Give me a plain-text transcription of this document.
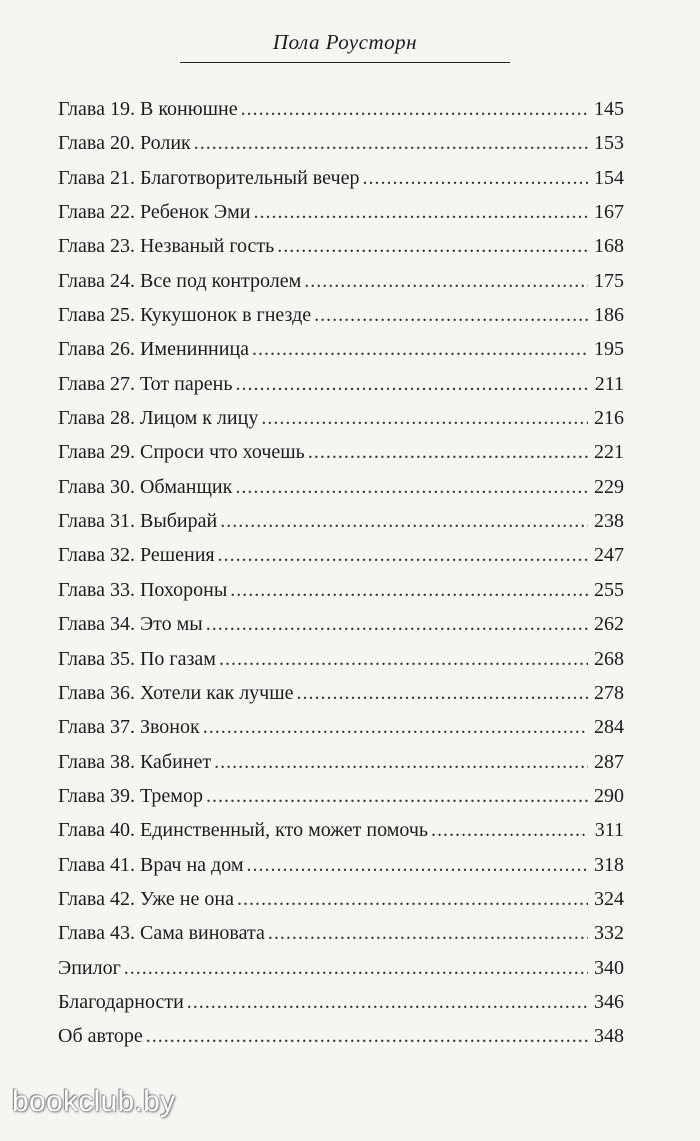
Пола Роусторн
Глава 19. В конюшне .....	145
Глава 20. Ролик .....	153
Глава 21. Благотворительный вечер .....	154
Глава 22. Ребенок Эми .....	167
Глава 23. Незваный гость .....	168
Глава 24. Все под контролем .....	175
Глава 25. Кукушонок в гнезде .....	186
Глава 26. Именинница .....	195
Глава 27. Тот парень .....	211
Глава 28. Лицом к лицу .....	216
Глава 29. Спроси что хочешь .....	221
Глава 30. Обманщик .....	229
Глава 31. Выбирай .....	238
Глава 32. Решения .....	247
Глава 33. Похороны .....	255
Глава 34. Это мы .....	262
Глава 35. По газам .....	268
Глава 36. Хотели как лучше .....	278
Глава 37. Звонок .....	284
Глава 38. Кабинет .....	287
Глава 39. Тремор .....	290
Глава 40. Единственный, кто может помочь .....	311
Глава 41. Врач на дом .....	318
Глава 42. Уже не она .....	324
Глава 43. Сама виновата .....	332
Эпилог .....	340
Благодарности .....	346
Об авторе .....	348
bookclub.by
